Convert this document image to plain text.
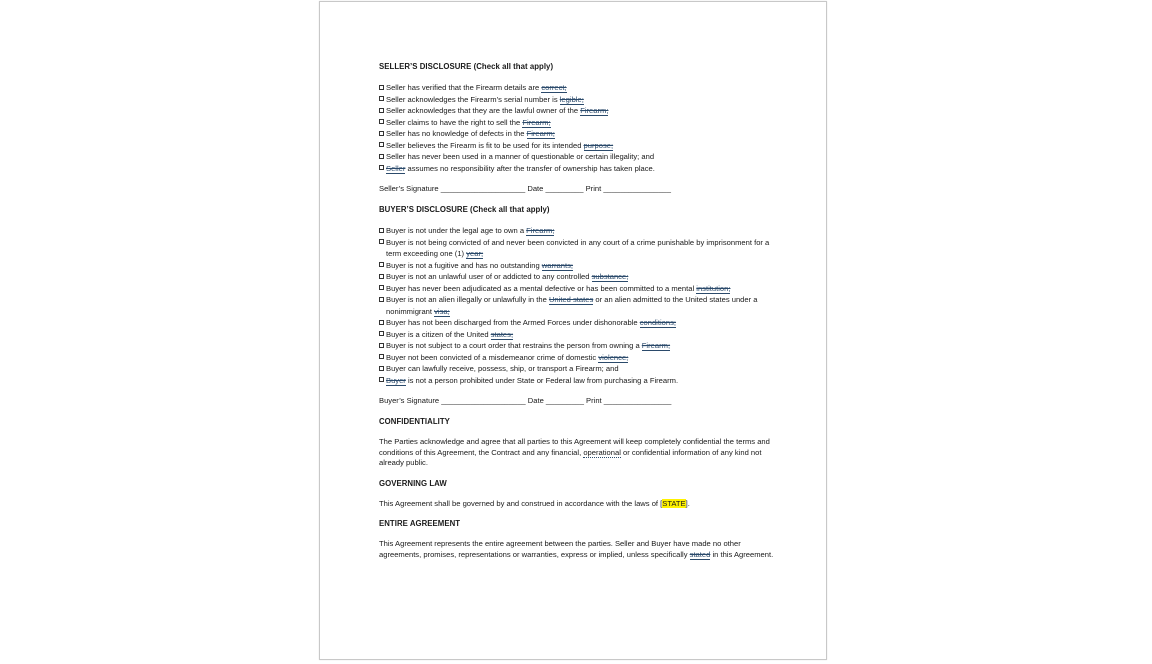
SELLER’S DISCLOSURE (Check all that apply)
Seller has verified that the Firearm details are correct;
Seller acknowledges the Firearm’s serial number is legible;
Seller acknowledges that they are the lawful owner of the Firearm;
Seller claims to have the right to sell the Firearm;
Seller has no knowledge of defects in the Firearm;
Seller believes the Firearm is fit to be used for its intended purpose;
Seller has never been used in a manner of questionable or certain illegality; and
Seller assumes no responsibility after the transfer of ownership has taken place.
Seller’s Signature ____________________ Date _________ Print ________________
BUYER’S DISCLOSURE (Check all that apply)
Buyer is not under the legal age to own a Firearm;
Buyer is not being convicted of and never been convicted in any court of a crime punishable by imprisonment for a term exceeding one (1) year;
Buyer is not a fugitive and has no outstanding warrants;
Buyer is not an unlawful user of or addicted to any controlled substance;
Buyer has never been adjudicated as a mental defective or has been committed to a mental institution;
Buyer is not an alien illegally or unlawfully in the United states or an alien admitted to the United states under a nonimmigrant visa;
Buyer has not been discharged from the Armed Forces under dishonorable conditions;
Buyer is a citizen of the United states;
Buyer is not subject to a court order that restrains the person from owning a Firearm;
Buyer not been convicted of a misdemeanor crime of domestic violence;
Buyer can lawfully receive, possess, ship, or transport a Firearm; and
Buyer is not a person prohibited under State or Federal law from purchasing a Firearm.
Buyer’s Signature ____________________ Date _________ Print ________________
CONFIDENTIALITY

The Parties acknowledge and agree that all parties to this Agreement will keep completely confidential the terms and conditions of this Agreement, the Contract and any financial, operational or confidential information of any kind not already public.

GOVERNING LAW

This Agreement shall be governed by and construed in accordance with the laws of [STATE].

ENTIRE AGREEMENT

This Agreement represents the entire agreement between the parties. Seller and Buyer have made no other agreements, promises, representations or warranties, express or implied, unless specifically stated in this Agreement.
